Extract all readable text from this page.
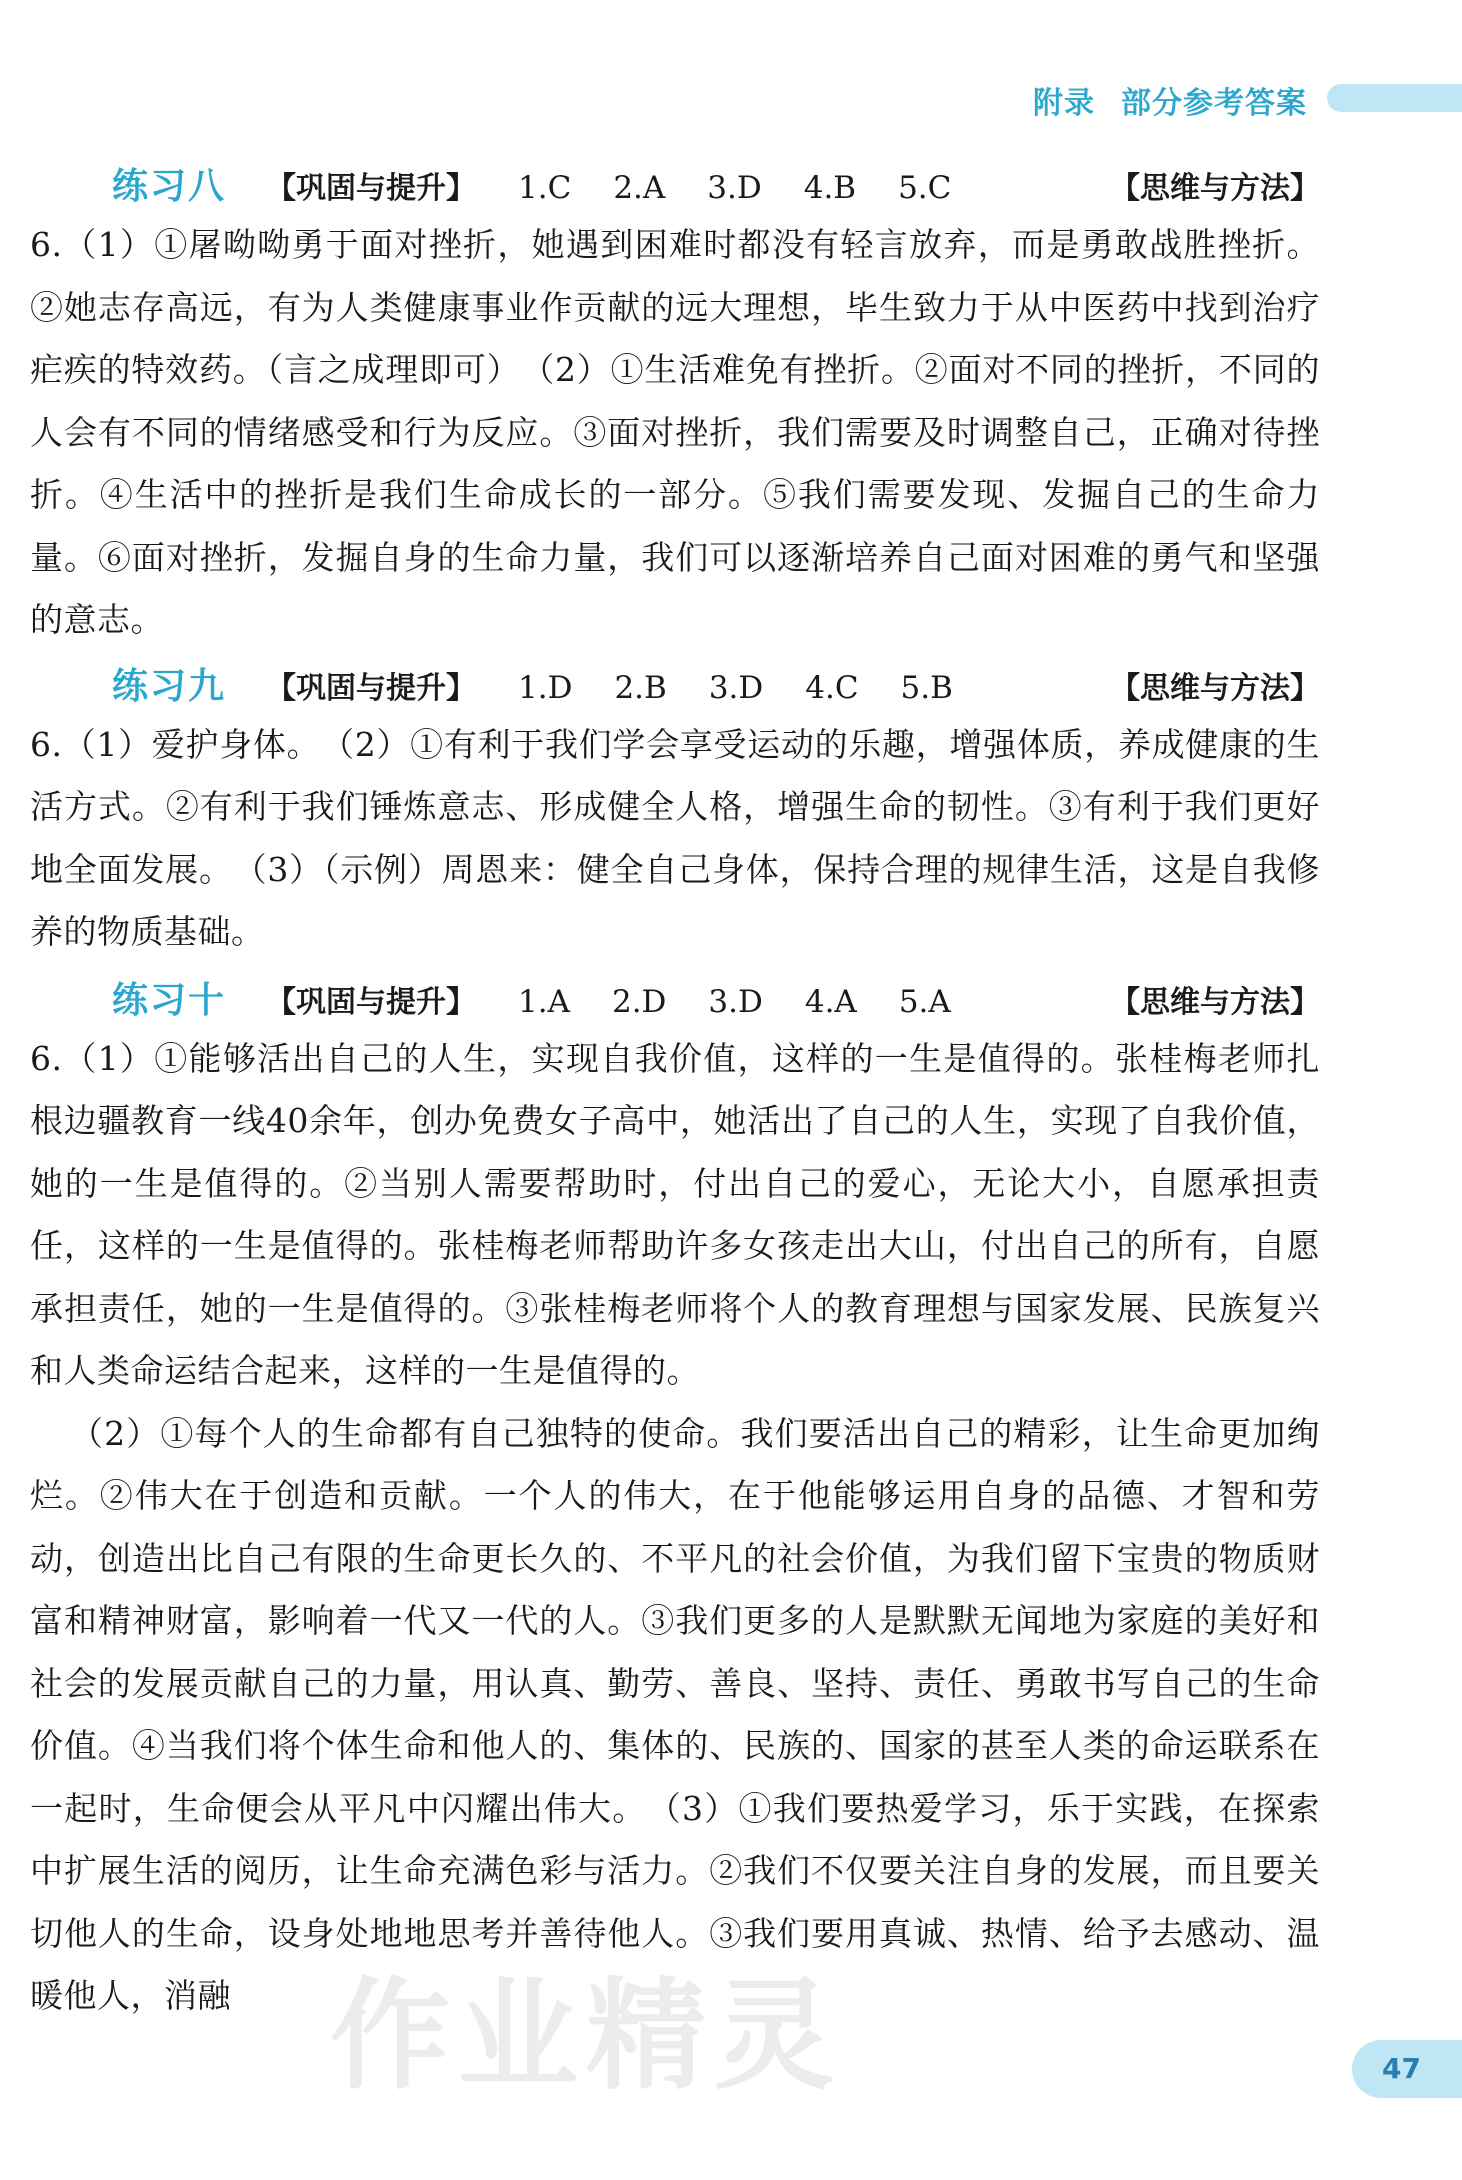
附录 部分参考答案
练习八 【巩固与提升】 1.C 2.A 3.D 4.B 5.C	【思维与方法】

6.（1）①屠呦呦勇于面对挫折，她遇到困难时都没有轻言放弃，而是勇敢战胜挫折。②她志存高远，有为人类健康事业作贡献的远大理想，毕生致力于从中医药中找到治疗疟疾的特效药。（言之成理即可）　（2）①生活难免有挫折。②面对不同的挫折，不同的人会有不同的情绪感受和行为反应。③面对挫折，我们需要及时调整自己，正确对待挫折。④生活中的挫折是我们生命成长的一部分。⑤我们需要发现、发掘自己的生命力量。⑥面对挫折，发掘自身的生命力量，我们可以逐渐培养自己面对困难的勇气和坚强的意志。

练习九 【巩固与提升】 1.D 2.B 3.D 4.C 5.B	【思维与方法】

6.（1）爱护身体。　（2）①有利于我们学会享受运动的乐趣，增强体质，养成健康的生活方式。②有利于我们锤炼意志、形成健全人格，增强生命的韧性。③有利于我们更好地全面发展。　（3）（示例）周恩来：健全自己身体，保持合理的规律生活，这是自我修养的物质基础。

练习十 【巩固与提升】 1.A 2.D 3.D 4.A 5.A	【思维与方法】

6.（1）①能够活出自己的人生，实现自我价值，这样的一生是值得的。张桂梅老师扎根边疆教育一线40余年，创办免费女子高中，她活出了自己的人生，实现了自我价值，她的一生是值得的。②当别人需要帮助时，付出自己的爱心，无论大小，自愿承担责任，这样的一生是值得的。张桂梅老师帮助许多女孩走出大山，付出自己的所有，自愿承担责任，她的一生是值得的。③张桂梅老师将个人的教育理想与国家发展、民族复兴和人类命运结合起来，这样的一生是值得的。

（2）①每个人的生命都有自己独特的使命。我们要活出自己的精彩，让生命更加绚烂。②伟大在于创造和贡献。一个人的伟大，在于他能够运用自身的品德、才智和劳动，创造出比自己有限的生命更长久的、不平凡的社会价值，为我们留下宝贵的物质财富和精神财富，影响着一代又一代的人。③我们更多的人是默默无闻地为家庭的美好和社会的发展贡献自己的力量，用认真、勤劳、善良、坚持、责任、勇敢书写自己的生命价值。④当我们将个体生命和他人的、集体的、民族的、国家的甚至人类的命运联系在一起时，生命便会从平凡中闪耀出伟大。　（3）①我们要热爱学习，乐于实践，在探索中扩展生活的阅历，让生命充满色彩与活力。②我们不仅要关注自身的发展，而且要关切他人的生命，设身处地地思考并善待他人。③我们要用真诚、热情、给予去感动、温暖他人，消融 作业精灵	47
